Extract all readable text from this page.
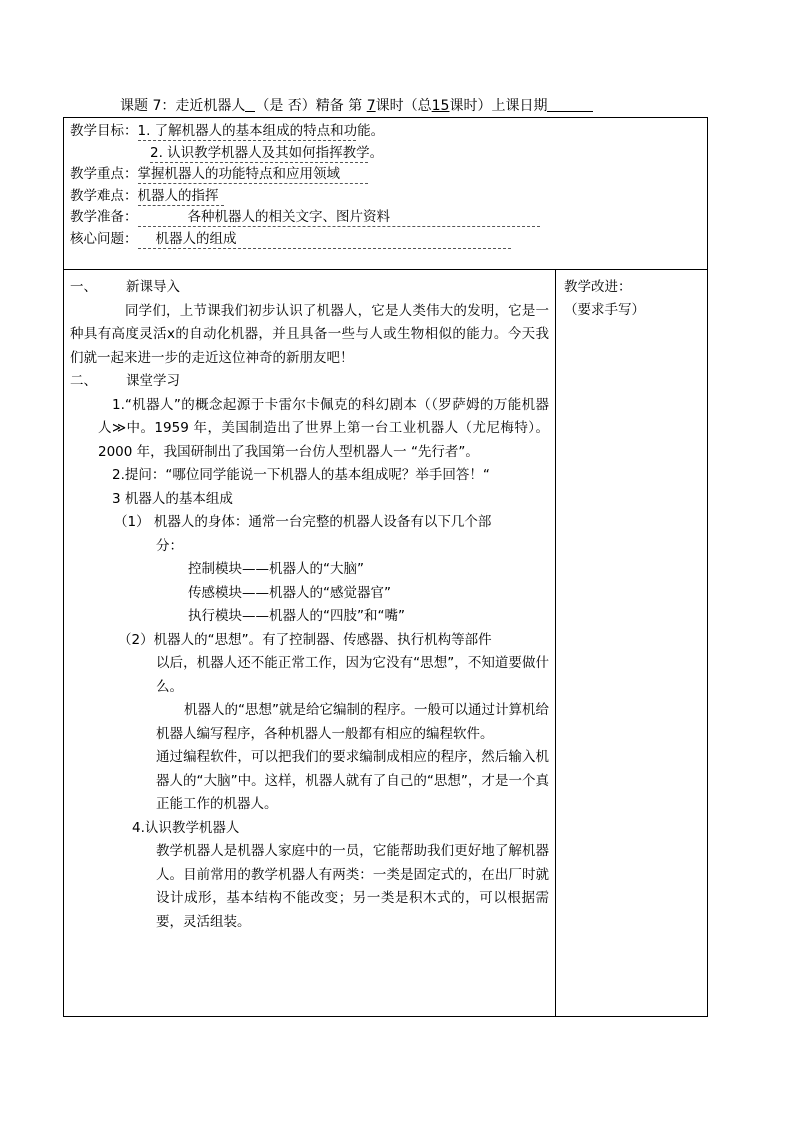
课题 7：走近机器人 （是 否）精备 第 7课时（总15课时）上课日期
教学目标：1. 了解机器人的基本组成的特点和功能。
2. 认识教学机器人及其如何指挥教学。
教学重点：掌握机器人的功能特点和应用领域
教学难点：机器人的指挥
教学准备：	各种机器人的相关文字、图片资料
核心问题： 机器人的组成

一、 新课导入

同学们，上节课我们初步认识了机器人，它是人类伟大的发明，它是一种具有高度灵活ⅹ的自动化机器，并且具备一些与人或生物相似的能力。今天我们就一起来进一步的走近这位神奇的新朋友吧！

二、 课堂学习

1.“机器人”的概念起源于卡雷尔卡佩克的科幻剧本（（罗萨姆的万能机器人≫中。1959 年，美国制造出了世界上第一台工业机器人（尤尼梅特）。2000 年，我国研制出了我国第一台仿人型机器人一 “先行者”。

2.提问：“哪位同学能说一下机器人的基本组成呢？举手回答！“

3 机器人的基本组成

（1） 机器人的身体：通常一台完整的机器人设备有以下几个部

分：

控制模块——机器人的“大脑”

传感模块——机器人的“感觉器官”

执行模块——机器人的“四肢”和“嘴”

（2）机器人的“思想”。有了控制器、传感器、执行机构等部件

以后，机器人还不能正常工作，因为它没有“思想”，不知道要做什么。

机器人的“思想”就是给它编制的程序。一般可以通过计算机给机器人编写程序，各种机器人一般都有相应的编程软件。

通过编程软件，可以把我们的要求编制成相应的程序，然后输入机器人的“大脑”中。这样，机器人就有了自己的“思想”，才是一个真正能工作的机器人。

4.认识教学机器人

教学机器人是机器人家庭中的一员，它能帮助我们更好地了解机器人。目前常用的教学机器人有两类：一类是固定式的，在出厂时就设计成形，基本结构不能改变；另一类是积木式的，可以根据需要，灵活组装。

教学改进：
（要求手写）
